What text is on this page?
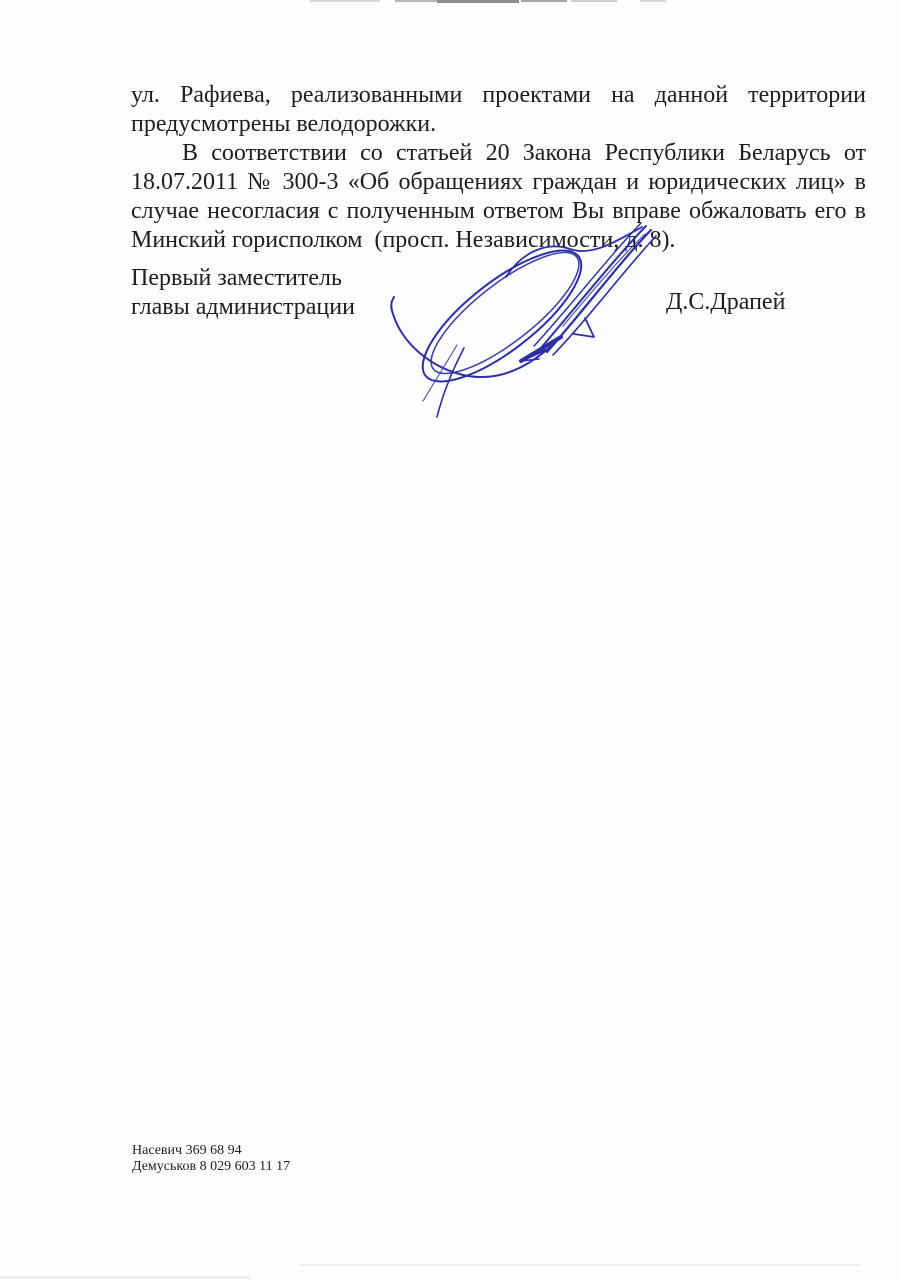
ул. Рафиева, реализованными проектами на данной территории

предусмотрены велодорожки.

В соответствии со статьей 20 Закона Республики Беларусь от

18.07.2011 № 300-3 «Об обращениях граждан и юридических лиц» в

случае несогласия с полученным ответом Вы вправе обжаловать его в

Минский горисполком  (просп. Независимости, д. 8).

Первый заместитель

главы администрации	Д.С.Драпей

Насевич 369 68 94

Демуськов 8 029 603 11 17
